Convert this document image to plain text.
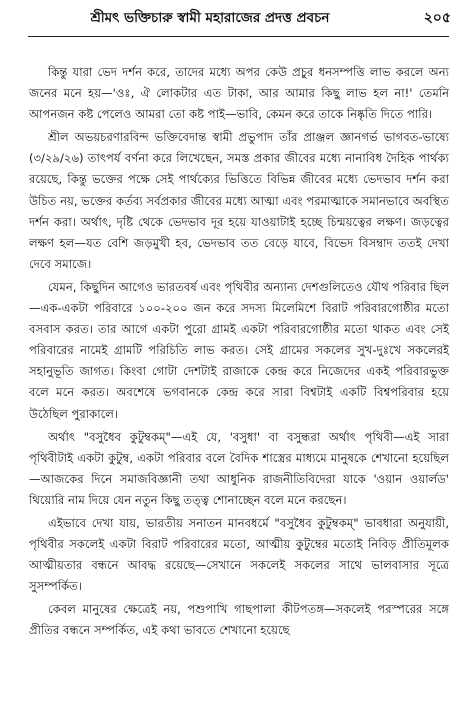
শ্রীমৎ ভক্তিচারু স্বামী মহারাজের প্রদত্ত প্রবচন	২০৫

কিন্তু যারা ভেদ দর্শন করে, তাদের মধ্যে অপর কেউ প্রচুর ধনসম্পত্তি লাভ করলে অন্য জনের মনে হয়—'ওঃ, ঐ লোকটার এত টাকা, আর আমার কিছু লাভ হল না!' তেমনি আপনজন কষ্ট পেলেও আমরা তো কষ্ট পাই—ভাবি, কেমন করে তাকে নিষ্কৃতি দিতে পারি।

শ্রীল অভয়চরণারবিন্দ ভক্তিবেদান্ত স্বামী প্রভুপাদ তাঁর প্রাঞ্জল জ্ঞানগর্ভ ভাগবত-ভাষ্যে (৩/২৯/২৬) তাৎপর্য বর্ণনা করে লিখেছেন, সমস্ত প্রকার জীবের মধ্যে নানাবিধ দৈহিক পার্থক্য রয়েছে, কিন্তু ভক্তের পক্ষে সেই পার্থক্যের ভিত্তিতে বিভিন্ন জীবের মধ্যে ভেদভাব দর্শন করা উচিত নয়, ভক্তের কর্তব্য সর্বপ্রকার জীবের মধ্যে আত্মা এবং পরমাত্মাকে সমানভাবে অবস্থিত দর্শন করা। অর্থাৎ, দৃষ্টি থেকে ভেদভাব দূর হয়ে যাওয়াটাই হচ্ছে চিন্ময়ত্বের লক্ষণ। জড়ত্বের লক্ষণ হল—যত বেশি জড়মুখী হব, ভেদভাব তত বেড়ে যাবে, বিভেদ বিসম্বাদ ততই দেখা দেবে সমাজে।

যেমন, কিছুদিন আগেও ভারতবর্ষ এবং পৃথিবীর অন্যান্য দেশগুলিতেও যৌথ পরিবার ছিল—এক-একটা পরিবারে ১০০-২০০ জন করে সদস্য মিলেমিশে বিরাট পরিবারগোষ্ঠীর মতো বসবাস করত। তার আগে একটা পুরো গ্রামই একটা পরিবারগোষ্ঠীর মতো থাকত এবং সেই পরিবারের নামেই গ্রামটি পরিচিতি লাভ করত। সেই গ্রামের সকলের সুখ-দুঃখে সকলেরই সহানুভূতি জাগত। কিংবা গোটা দেশটাই রাজাকে কেন্দ্র করে নিজেদের একই পরিবারভুক্ত বলে মনে করত। অবশেষে ভগবানকে কেন্দ্র করে সারা বিশ্বটাই একটি বিশ্বপরিবার হয়ে উঠেছিল পুরাকালে।

অর্থাৎ "বসুধৈব কুটুম্বকম্"—এই যে, 'বসুধা' বা বসুন্ধরা অর্থাৎ পৃথিবী—এই সারা পৃথিবীটাই একটা কুটুম্ব, একটা পরিবার বলে বৈদিক শাস্ত্রের মাধ্যমে মানুষকে শেখানো হয়েছিল—আজকের দিনে সমাজবিজ্ঞানী তথা আধুনিক রাজনীতিবিদেরা যাকে 'ওয়ান ওয়ার্লড' থিয়োরি নাম দিয়ে যেন নতুন কিছু তত্ত্ব শোনাচ্ছেন বলে মনে করছেন।

এইভাবে দেখা যায়, ভারতীয় সনাতন মানবধর্মে "বসুধৈব কুটুম্বকম্" ভাবধারা অনুযায়ী, পৃথিবীর সকলেই একটা বিরাট পরিবারের মতো, আত্মীয় কুটুম্বের মতোই নিবিড় প্রীতিমূলক আত্মীয়তার বন্ধনে আবদ্ধ রয়েছে—সেখানে সকলেই সকলের সাথে ভালবাসার সূত্রে সুসম্পর্কিত।

কেবল মানুষের ক্ষেত্রেই নয়, পশুপাখি গাছপালা কীটপতঙ্গ—সকলেই পরস্পরের সঙ্গে প্রীতির বন্ধনে সম্পর্কিত, এই কথা ভাবতে শেখানো হয়েছে
